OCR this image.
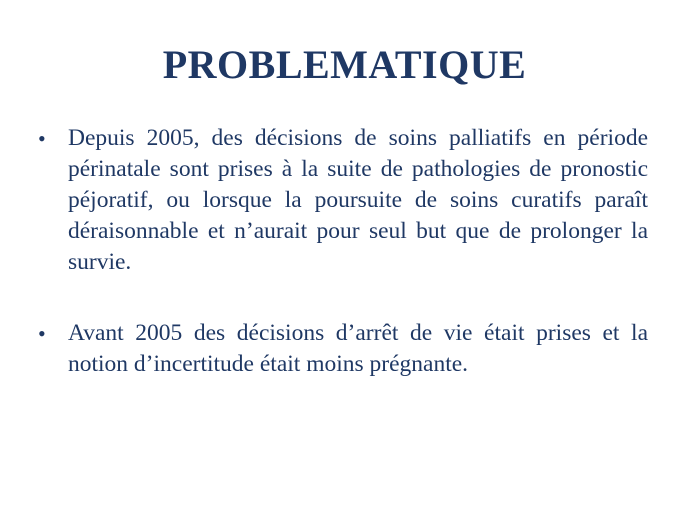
PROBLEMATIQUE
• Depuis 2005, des décisions de soins palliatifs en période périnatale sont prises à la suite de pathologies de pronostic péjoratif, ou lorsque la poursuite de soins curatifs paraît déraisonnable et n’aurait pour seul but que de prolonger la survie.
• Avant 2005 des décisions d’arrêt de vie était prises et la notion d’incertitude était moins prégnante.
